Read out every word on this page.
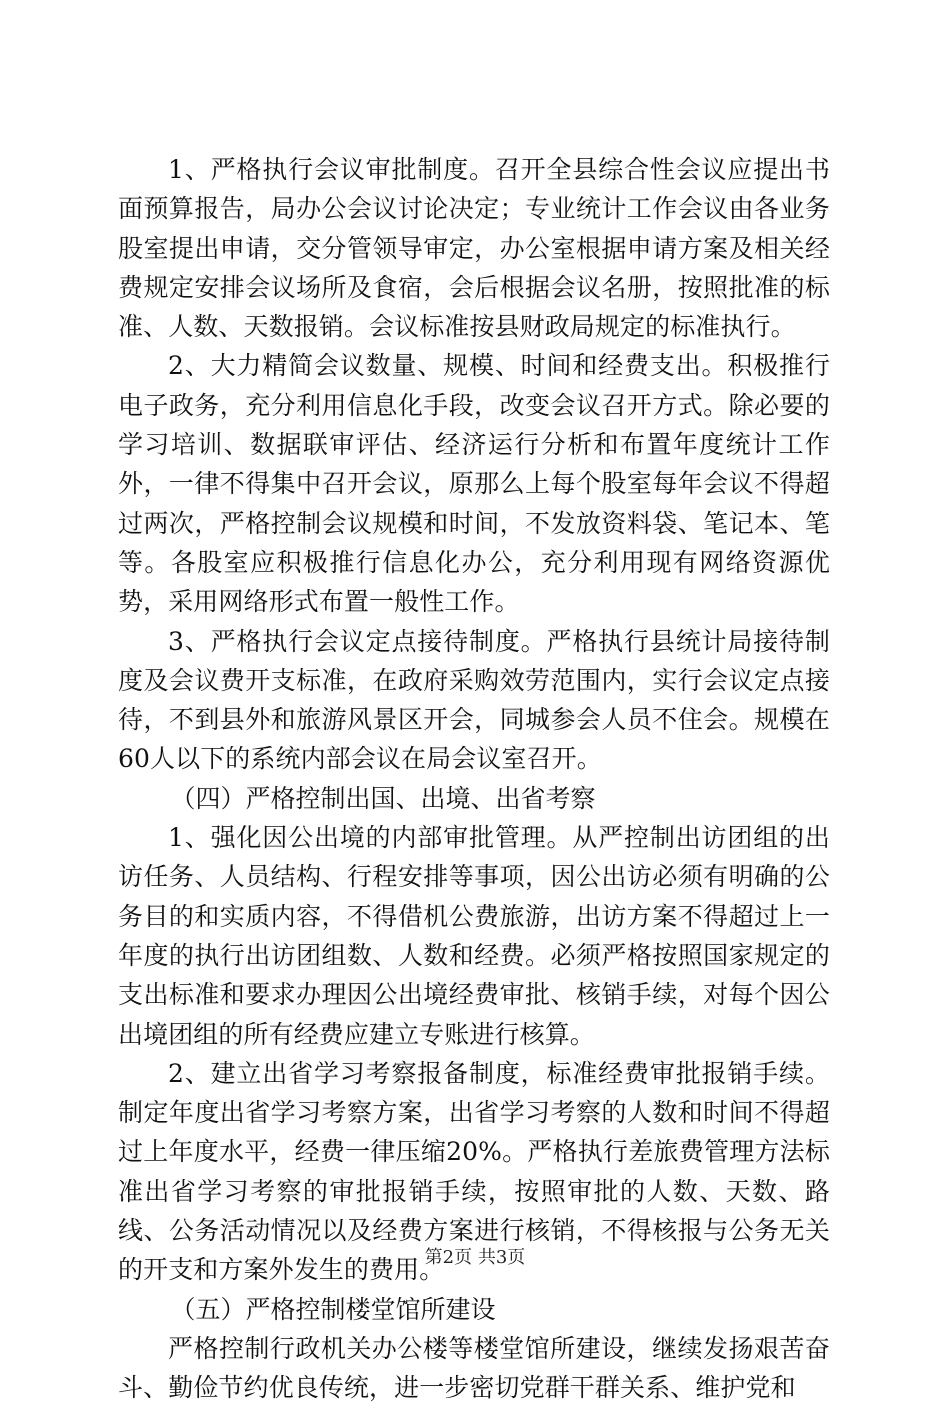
1、严格执行会议审批制度。召开全县综合性会议应提出书面预算报告，局办公会议讨论决定；专业统计工作会议由各业务股室提出申请，交分管领导审定，办公室根据申请方案及相关经费规定安排会议场所及食宿，会后根据会议名册，按照批准的标准、人数、天数报销。会议标准按县财政局规定的标准执行。

2、大力精简会议数量、规模、时间和经费支出。积极推行电子政务，充分利用信息化手段，改变会议召开方式。除必要的学习培训、数据联审评估、经济运行分析和布置年度统计工作外，一律不得集中召开会议，原那么上每个股室每年会议不得超过两次，严格控制会议规模和时间，不发放资料袋、笔记本、笔等。各股室应积极推行信息化办公，充分利用现有网络资源优势，采用网络形式布置一般性工作。

3、严格执行会议定点接待制度。严格执行县统计局接待制度及会议费开支标准，在政府采购效劳范围内，实行会议定点接待，不到县外和旅游风景区开会，同城参会人员不住会。规模在60人以下的系统内部会议在局会议室召开。

（四）严格控制出国、出境、出省考察

1、强化因公出境的内部审批管理。从严控制出访团组的出访任务、人员结构、行程安排等事项，因公出访必须有明确的公务目的和实质内容，不得借机公费旅游，出访方案不得超过上一年度的执行出访团组数、人数和经费。必须严格按照国家规定的支出标准和要求办理因公出境经费审批、核销手续，对每个因公出境团组的所有经费应建立专账进行核算。

2、建立出省学习考察报备制度，标准经费审批报销手续。制定年度出省学习考察方案，出省学习考察的人数和时间不得超过上年度水平，经费一律压缩20%。严格执行差旅费管理方法标准出省学习考察的审批报销手续，按照审批的人数、天数、路线、公务活动情况以及经费方案进行核销，不得核报与公务无关的开支和方案外发生的费用。

（五）严格控制楼堂馆所建设

严格控制行政机关办公楼等楼堂馆所建设，继续发扬艰苦奋斗、勤俭节约优良传统，进一步密切党群干群关系、维护党和

第2页 共3页
